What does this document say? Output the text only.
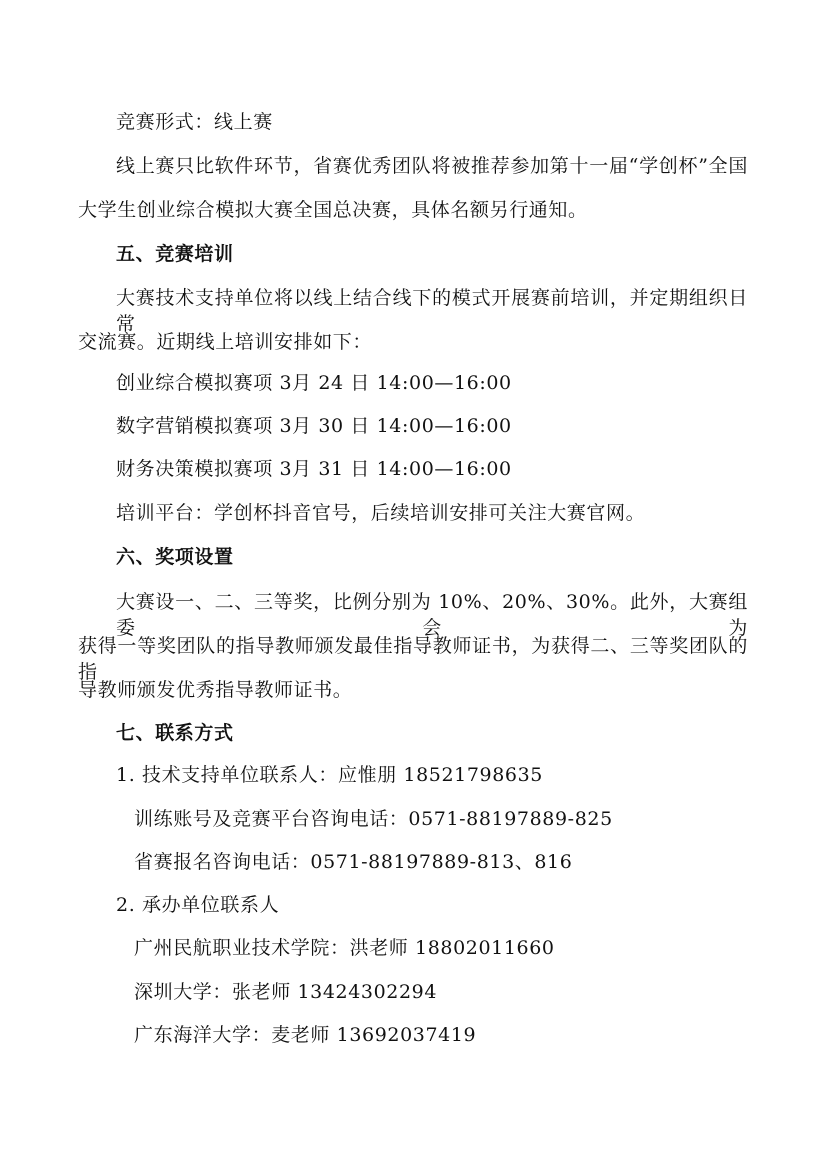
竞赛形式：线上赛
线上赛只比软件环节，省赛优秀团队将被推荐参加第十一届“学创杯”全国
大学生创业综合模拟大赛全国总决赛，具体名额另行通知。
五、竞赛培训
大赛技术支持单位将以线上结合线下的模式开展赛前培训，并定期组织日常
交流赛。近期线上培训安排如下：
创业综合模拟赛项 3月 24 日 14:00—16:00
数字营销模拟赛项 3月 30 日 14:00—16:00
财务决策模拟赛项 3月 31 日 14:00—16:00
培训平台：学创杯抖音官号，后续培训安排可关注大赛官网。
六、奖项设置
大赛设一、二、三等奖，比例分别为 10%、20%、30%。此外，大赛组委会为
获得一等奖团队的指导教师颁发最佳指导教师证书，为获得二、三等奖团队的指
导教师颁发优秀指导教师证书。
七、联系方式
1. 技术支持单位联系人：应惟朋 18521798635
训练账号及竞赛平台咨询电话：0571-88197889-825
省赛报名咨询电话：0571-88197889-813、816
2. 承办单位联系人
广州民航职业技术学院：洪老师 18802011660
深圳大学：张老师 13424302294
广东海洋大学：麦老师 13692037419
